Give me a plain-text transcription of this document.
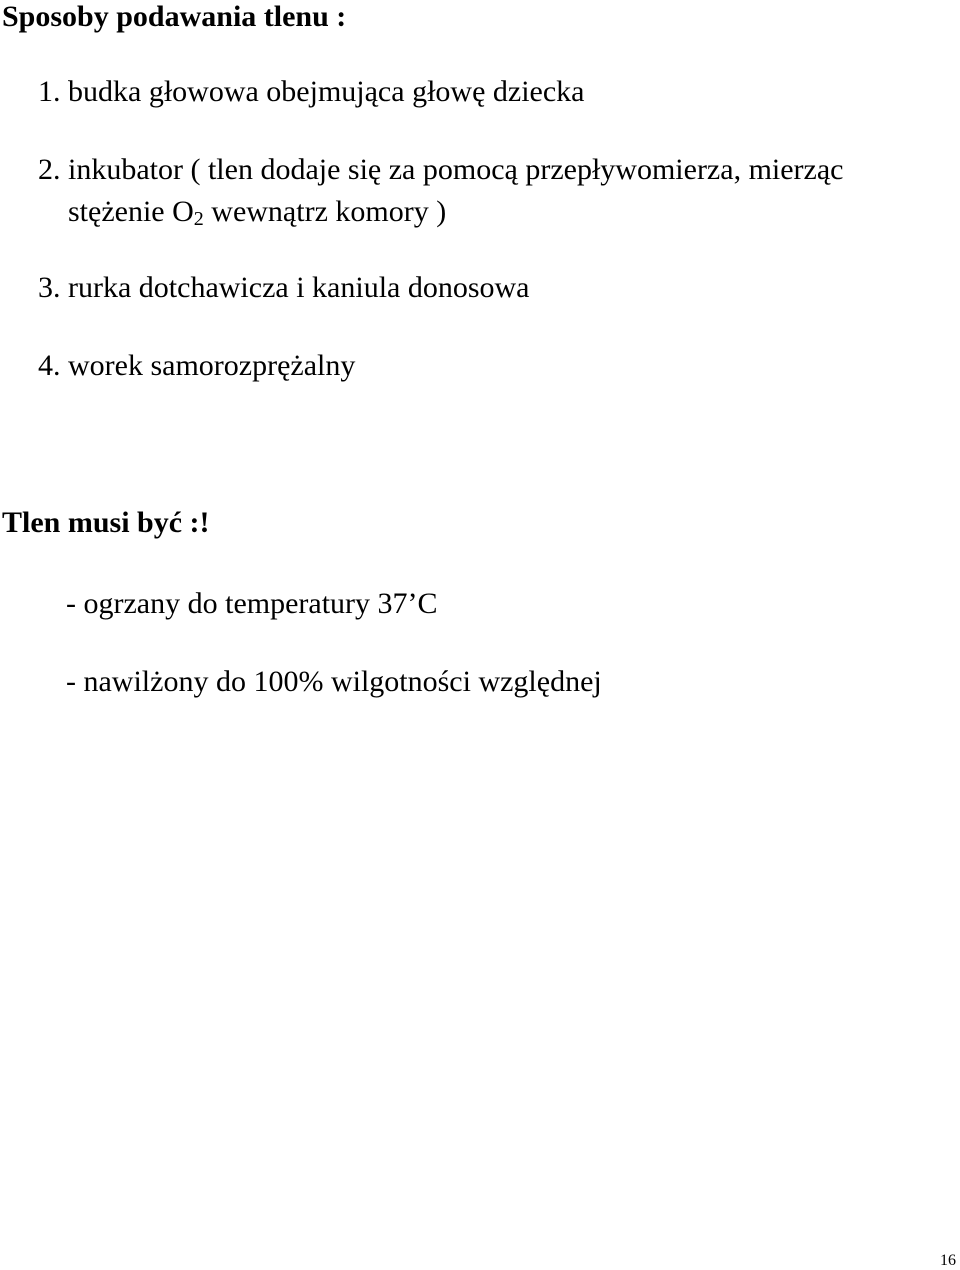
Sposoby podawania tlenu :
1. budka głowowa obejmująca głowę dziecka
2. inkubator ( tlen dodaje się za pomocą przepływomierza, mierząc
stężenie $O_2$ wewnątrz komory )
3. rurka dotchawicza i kaniula donosowa
4. worek samorozprężalny
Tlen musi być :!
- ogrzany do temperatury 37’C
- nawilżony do 100% wilgotności względnej
16
